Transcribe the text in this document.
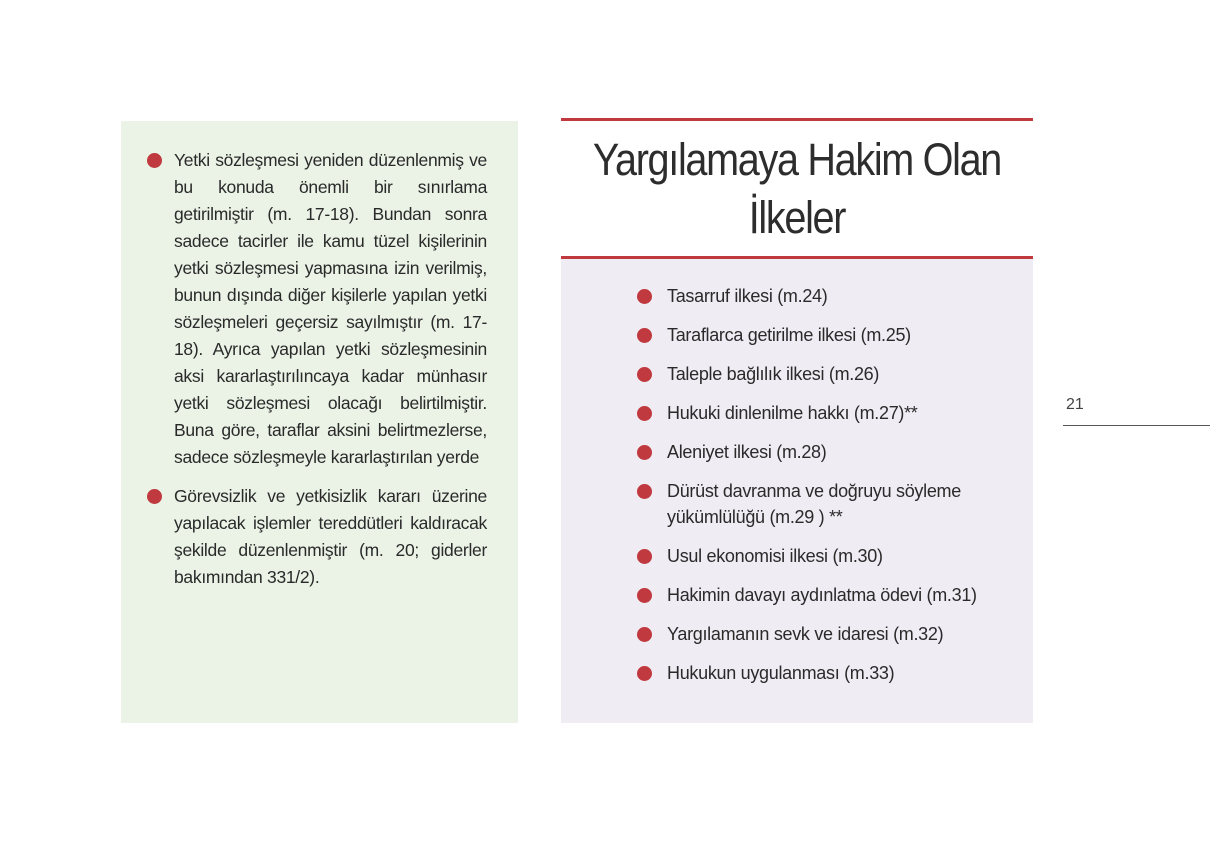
Yetki sözleşmesi yeniden düzenlenmiş ve bu konuda önemli bir sınırlama getirilmiştir (m. 17-18). Bundan sonra sadece tacirler ile kamu tüzel kişilerinin yetki sözleşmesi yapmasına izin verilmiş, bunun dışında diğer kişilerle yapılan yetki sözleşmeleri geçersiz sayılmıştır (m. 17-18). Ayrıca yapılan yetki sözleşmesinin aksi kararlaştırılıncaya kadar münhasır yetki sözleşmesi olacağı belirtilmiştir. Buna göre, taraflar aksini belirtmezlerse, sadece sözleşmeyle kararlaştırılan yerde
Görevsizlik ve yetkisizlik kararı üzerine yapılacak işlemler tereddütleri kaldıracak şekilde düzenlenmiştir (m. 20; giderler bakımından 331/2).
Yargılamaya Hakim Olan
İlkeler
Tasarruf ilkesi (m.24)
Taraflarca getirilme ilkesi (m.25)
Taleple bağlılık ilkesi (m.26)
Hukuki dinlenilme hakkı (m.27)**
Aleniyet ilkesi (m.28)
Dürüst davranma ve doğruyu söyleme yükümlülüğü (m.29 ) **
Usul ekonomisi ilkesi (m.30)
Hakimin davayı aydınlatma ödevi (m.31)
Yargılamanın sevk ve idaresi (m.32)
Hukukun uygulanması (m.33)
21
